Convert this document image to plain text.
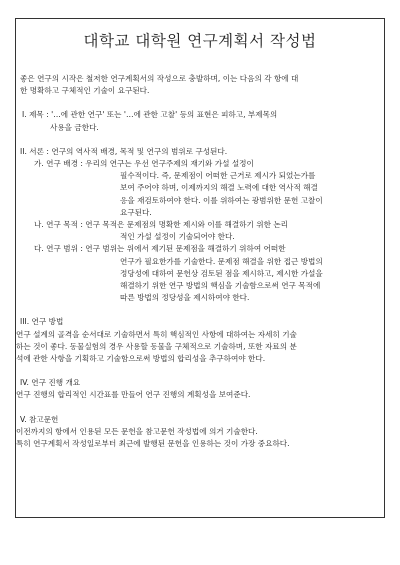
대학교 대학원 연구계획서 작성법

좋은 연구의 시작은 철저한 연구계획서의 작성으로 충발하며, 이는 다음의 각 항에 대

한 명확하고 구체적인 기술이 요구된다.

I. 제목 : '…에 관한 연구' 또는 '…에 관한 고찰' 등의 표현은 피하고, 부제목의

사용을 금한다.

II. 서론 : 연구의 역사적 배경, 목적 및 연구의 범위로 구성된다.

가. 연구 배경 : 우리의 연구는 우선 연구주제의 재기와 가설 설정이

필수적이다. 즉, 문제점이 어떠한 근거로 제시가 되었는가를

보여 주어야 하며, 이제까지의 해결 노력에 대한 역사적 해결

응을 재검토하여야 한다. 이를 위하여는 광범위한 문헌 고찰이

요구된다.

나. 연구 목적 : 연구 목적은 문제점의 명확한 제시와 이를 해결하기 위한 논리

적인 가설 설정이 기술되어야 한다.

다. 연구 범위 : 연구 범위는 위에서 제기된 문제점을 해결하기 위하여 어떠한

연구가 필요한가를 기술한다. 문제점 해결을 위한 접근 방법의

정당성에 대하여 문헌상 검토된 점을 제시하고, 제시한 가설을

해결하기 위한 연구 방법의 핵심을 기술함으로써 연구 목적에

따른 방법의 정당성을 제시하여야 한다.

III. 연구 방법

연구 설계의 골격을 순서대로 기술하면서 특히 핵심적인 사항에 대하여는 자세히 기술

하는 것이 좋다. 동물실험의 경우 사용할 동물을 구체적으로 기술하며, 또한 자료의 분

석에 관한 사항을 기획하고 기술함으로써 방법의 합리성을 추구하여야 한다.

IV. 연구 진행 개요

연구 진행의 합리적인 시간표를 만들어 연구 진행의 계획성을 보여준다.

V. 참고문헌

이전까지의 항에서 인용된 모든 문헌을 참고문헌 작성법에 의거 기술한다.

특히 연구계획서 작성일로부터 최근에 발행된 문헌을 인용하는 것이 가장 중요하다.
